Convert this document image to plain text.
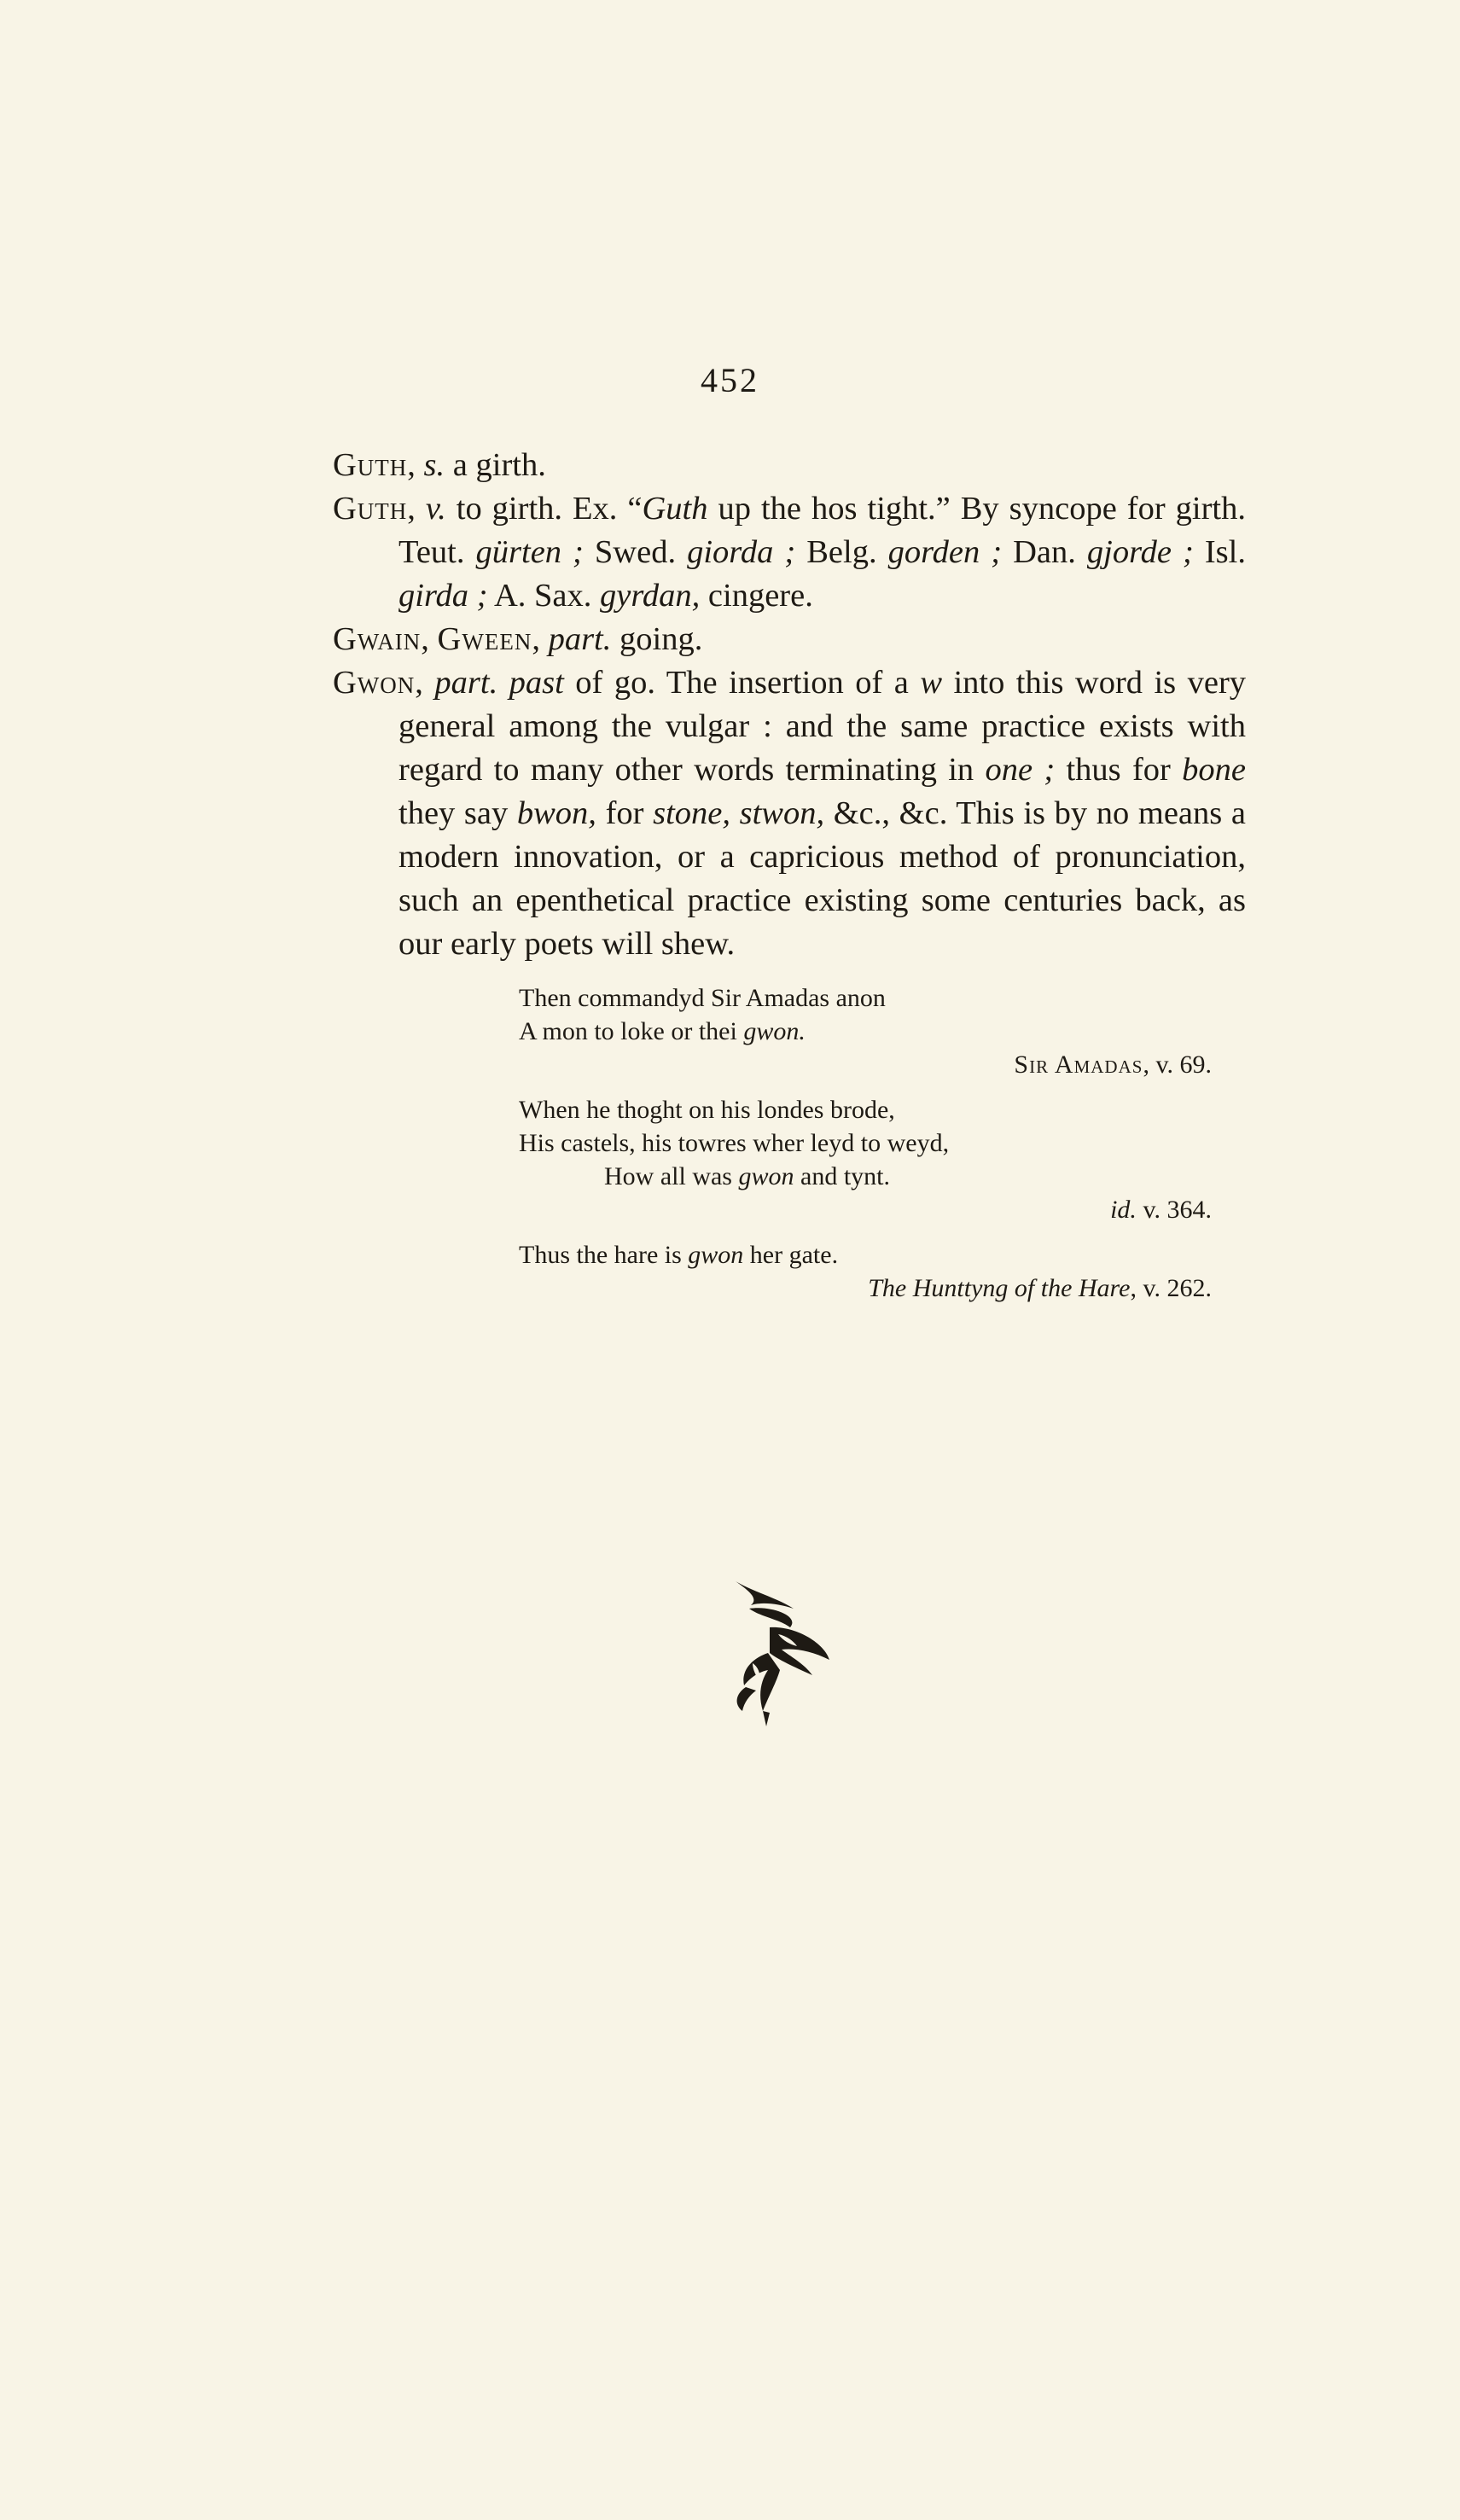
452

Guth, s. a girth.

Guth, v. to girth. Ex. “Guth up the hos tight.” By syncope for girth. Teut. gürten ; Swed. giorda ; Belg. gorden ; Dan. gjorde ; Isl. girda ; A. Sax. gyrdan, cingere.

Gwain, Gween, part. going.

Gwon, part. past of go. The insertion of a w into this word is very general among the vulgar : and the same practice exists with regard to many other words terminating in one ; thus for bone they say bwon, for stone, stwon, &c., &c. This is by no means a modern innovation, or a capricious method of pronunciation, such an epenthetical practice existing some centuries back, as our early poets will shew.

Then commandyd Sir Amadas anon
A mon to loke or thei gwon.
Sir Amadas, v. 69.
When he thoght on his londes brode,
His castels, his towres wher leyd to weyd,
How all was gwon and tynt.
id. v. 364.
Thus the hare is gwon her gate.
The Hunttyng of the Hare, v. 262.
